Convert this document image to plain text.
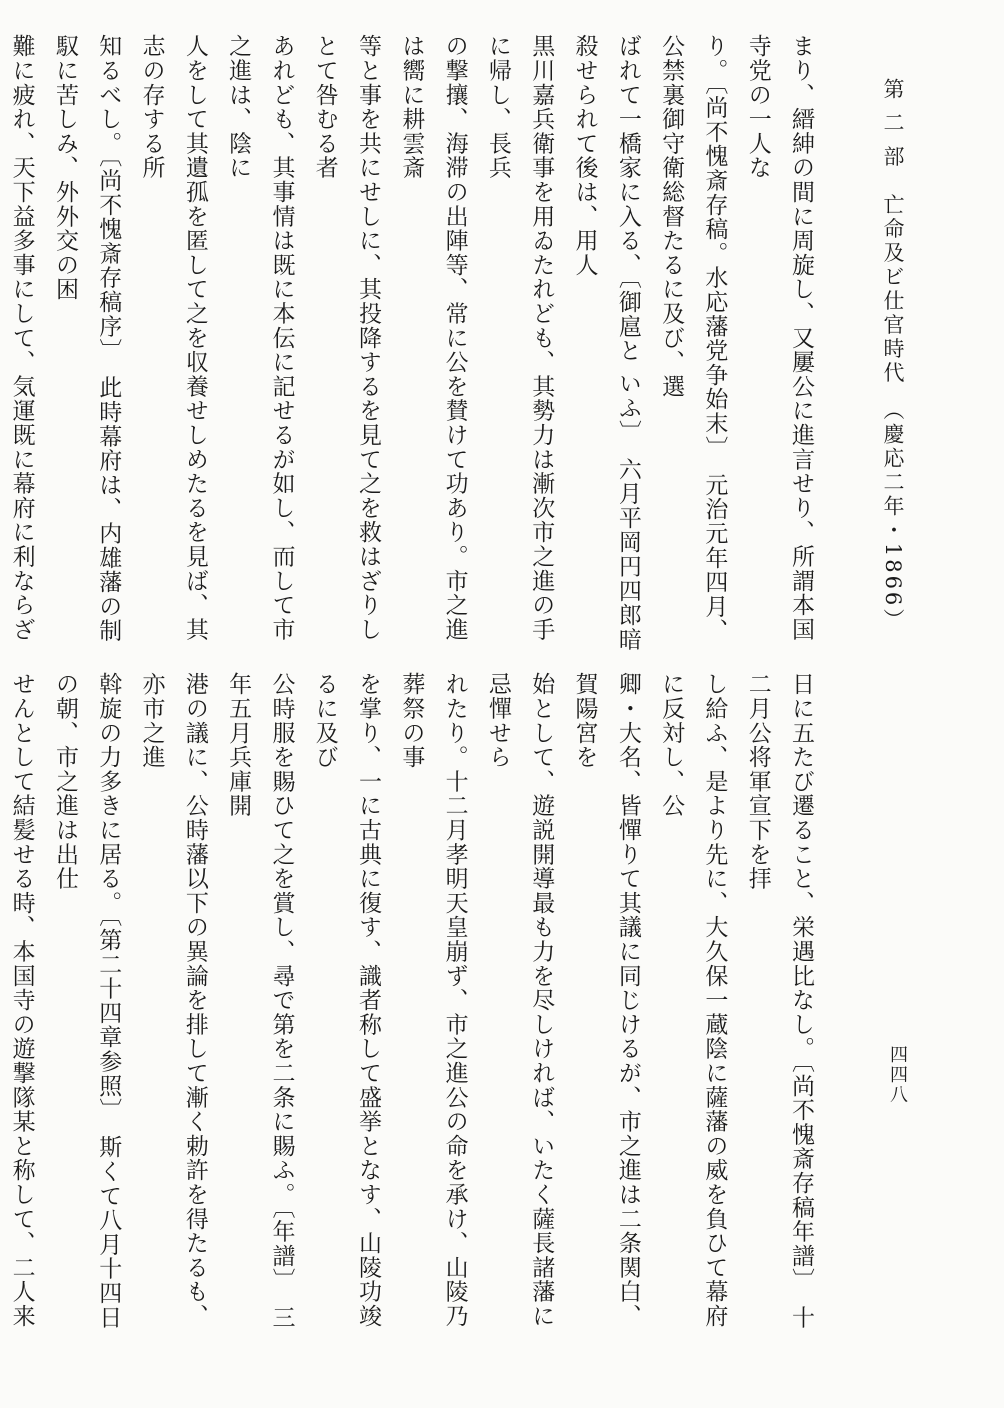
第 二 部　亡命及ビ仕官時代　（慶応二年・1866）
四四八

まり、縉紳の間に周旋し、又屢公に進言せり、所謂本国寺党の一人な

り。〔尚不愧斎存稿。水応藩党争始末〕　元治元年四月、公禁裏御守衛総督たるに及び、選

ばれて一橋家に入る、〔御扈と いふ〕　六月平岡円四郎暗殺せられて後は、用人

黒川嘉兵衛事を用ゐたれども、其勢力は漸次市之進の手に帰し、長兵

の撃攘、海滞の出陣等、常に公を賛けて功あり。市之進は嚮に耕雲斎

等と事を共にせしに、其投降するを見て之を救はざりしとて咎むる者

あれども、其事情は既に本伝に記せるが如し、而して市之進は、陰に

人をして其遺孤を匿して之を収養せしめたるを見ば、其志の存する所

知るべし。〔尚不愧斎存稿序〕　此時幕府は、内雄藩の制馭に苦しみ、外外交の困

難に疲れ、天下益多事にして、気運既に幕府に利ならざ

日に五たび遷ること、栄遇比なし。〔尚不愧斎存稿年譜〕　十二月公将軍宣下を拝

し給ふ、是より先に、大久保一蔵陰に薩藩の威を負ひて幕府に反対し、公

卿・大名、皆憚りて其議に同じけるが、市之進は二条関白、賀陽宮を

始として、遊説開導最も力を尽しければ、いたく薩長諸藩に忌憚せら

れたり。十二月孝明天皇崩ず、市之進公の命を承け、山陵乃葬祭の事

を掌り、一に古典に復す、識者称して盛挙となす、山陵功竣るに及び

公時服を賜ひて之を賞し、尋で第を二条に賜ふ。〔年譜〕　三年五月兵庫開

港の議に、公時藩以下の異論を排して漸く勅許を得たるも、亦市之進

斡旋の力多きに居る。〔第二十四章参照〕　斯くて八月十四日の朝、市之進は出仕

せんとして結髪せる時、本国寺の遊撃隊某と称して、二人来
